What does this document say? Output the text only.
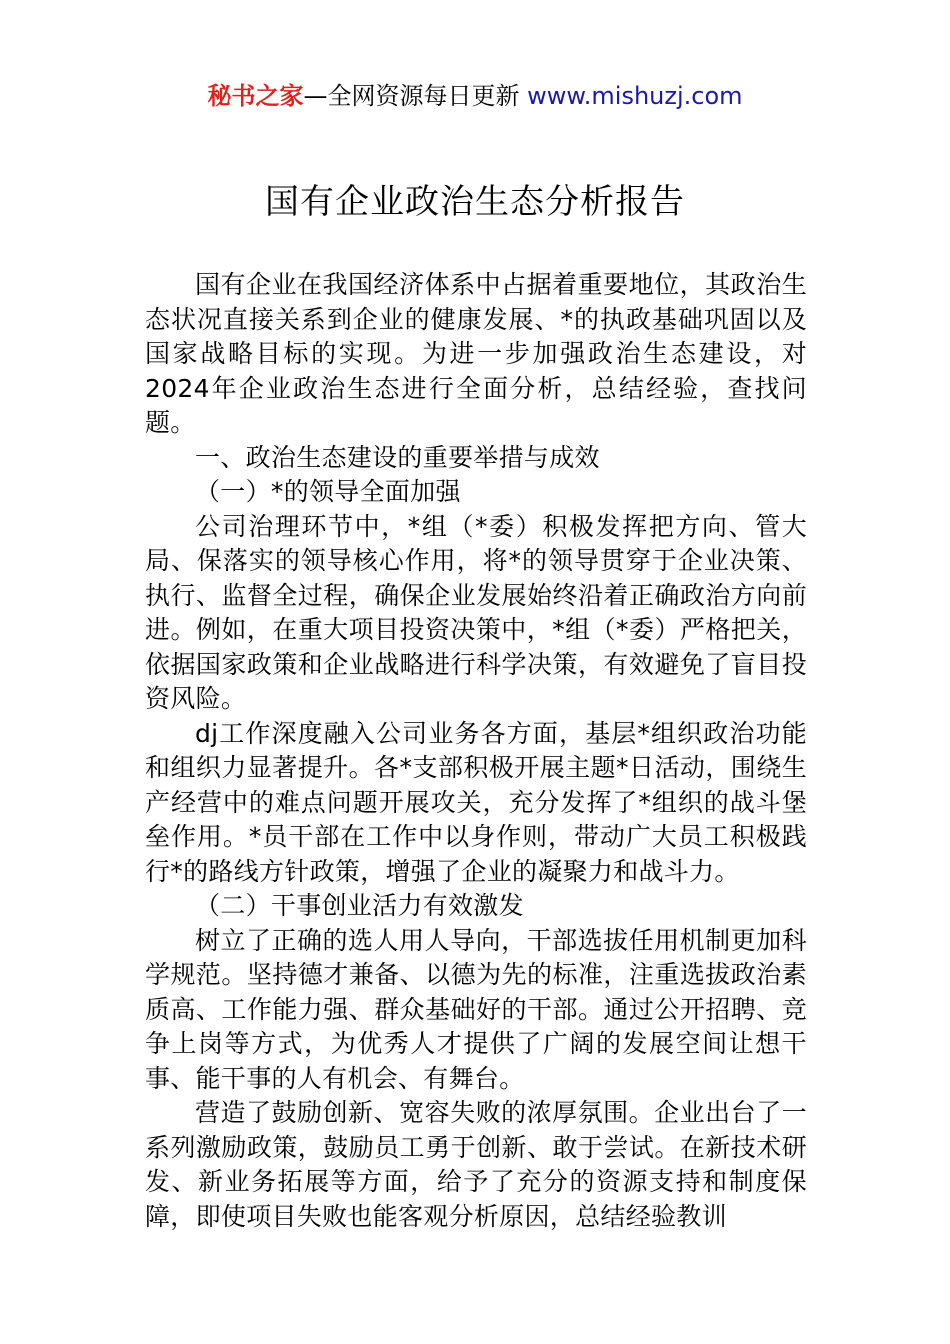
秘书之家—全网资源每日更新 www.mishuzj.com
国有企业政治生态分析报告

国有企业在我国经济体系中占据着重要地位，其政治生态状况直接关系到企业的健康发展、*的执政基础巩固以及国家战略目标的实现。为进一步加强政治生态建设，对2024年企业政治生态进行全面分析，总结经验，查找问题。

一、政治生态建设的重要举措与成效

（一）*的领导全面加强

公司治理环节中，*组（*委）积极发挥把方向、管大局、保落实的领导核心作用，将*的领导贯穿于企业决策、执行、监督全过程，确保企业发展始终沿着正确政治方向前进。例如，在重大项目投资决策中，*组（*委）严格把关，依据国家政策和企业战略进行科学决策，有效避免了盲目投资风险。

dj工作深度融入公司业务各方面，基层*组织政治功能和组织力显著提升。各*支部积极开展主题*日活动，围绕生产经营中的难点问题开展攻关，充分发挥了*组织的战斗堡垒作用。*员干部在工作中以身作则，带动广大员工积极践行*的路线方针政策，增强了企业的凝聚力和战斗力。

（二）干事创业活力有效激发

树立了正确的选人用人导向，干部选拔任用机制更加科学规范。坚持德才兼备、以德为先的标准，注重选拔政治素质高、工作能力强、群众基础好的干部。通过公开招聘、竞争上岗等方式，为优秀人才提供了广阔的发展空间让想干事、能干事的人有机会、有舞台。

营造了鼓励创新、宽容失败的浓厚氛围。企业出台了一系列激励政策，鼓励员工勇于创新、敢于尝试。在新技术研发、新业务拓展等方面，给予了充分的资源支持和制度保障，即使项目失败也能客观分析原因，总结经验教训
